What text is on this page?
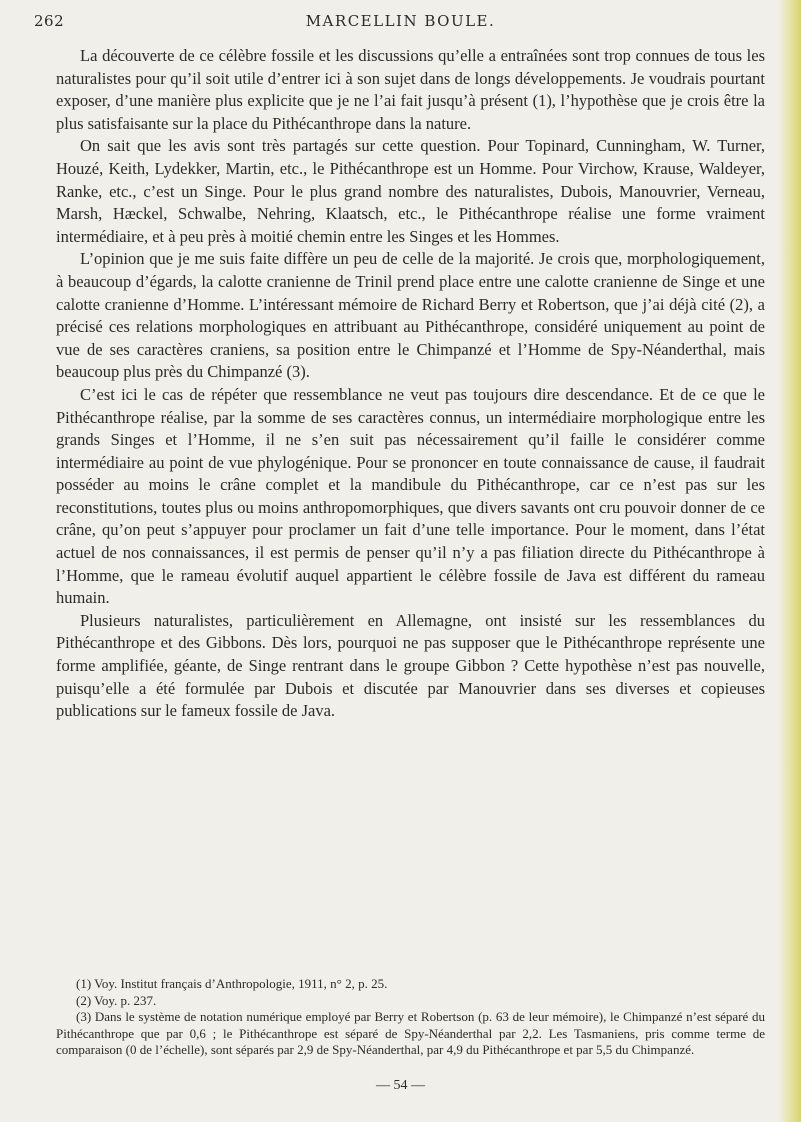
262	MARCELLIN BOULE.

La découverte de ce célèbre fossile et les discussions qu’elle a entraînées sont trop connues de tous les naturalistes pour qu’il soit utile d’entrer ici à son sujet dans de longs développements. Je voudrais pourtant exposer, d’une manière plus explicite que je ne l’ai fait jusqu’à présent (1), l’hypothèse que je crois être la plus satisfaisante sur la place du Pithécanthrope dans la nature.

On sait que les avis sont très partagés sur cette question. Pour Topinard, Cunningham, W. Turner, Houzé, Keith, Lydekker, Martin, etc., le Pithécanthrope est un Homme. Pour Virchow, Krause, Waldeyer, Ranke, etc., c’est un Singe. Pour le plus grand nombre des naturalistes, Dubois, Manouvrier, Verneau, Marsh, Hæckel, Schwalbe, Nehring, Klaatsch, etc., le Pithécanthrope réalise une forme vraiment intermédiaire, et à peu près à moitié chemin entre les Singes et les Hommes.

L’opinion que je me suis faite diffère un peu de celle de la majorité. Je crois que, morphologiquement, à beaucoup d’égards, la calotte cranienne de Trinil prend place entre une calotte cranienne de Singe et une calotte cranienne d’Homme. L’intéressant mémoire de Richard Berry et Robertson, que j’ai déjà cité (2), a précisé ces relations morphologiques en attribuant au Pithécanthrope, considéré uniquement au point de vue de ses caractères craniens, sa position entre le Chimpanzé et l’Homme de Spy-Néanderthal, mais beaucoup plus près du Chimpanzé (3).

C’est ici le cas de répéter que ressemblance ne veut pas toujours dire descendance. Et de ce que le Pithécanthrope réalise, par la somme de ses caractères connus, un intermédiaire morphologique entre les grands Singes et l’Homme, il ne s’en suit pas nécessairement qu’il faille le considérer comme intermédiaire au point de vue phylogénique. Pour se prononcer en toute connaissance de cause, il faudrait posséder au moins le crâne complet et la mandibule du Pithécanthrope, car ce n’est pas sur les reconstitutions, toutes plus ou moins anthropomorphiques, que divers savants ont cru pouvoir donner de ce crâne, qu’on peut s’appuyer pour proclamer un fait d’une telle importance. Pour le moment, dans l’état actuel de nos connaissances, il est permis de penser qu’il n’y a pas filiation directe du Pithécanthrope à l’Homme, que le rameau évolutif auquel appartient le célèbre fossile de Java est différent du rameau humain.

Plusieurs naturalistes, particulièrement en Allemagne, ont insisté sur les ressemblances du Pithécanthrope et des Gibbons. Dès lors, pourquoi ne pas supposer que le Pithécanthrope représente une forme amplifiée, géante, de Singe rentrant dans le groupe Gibbon ? Cette hypothèse n’est pas nouvelle, puisqu’elle a été formulée par Dubois et discutée par Manouvrier dans ses diverses et copieuses publications sur le fameux fossile de Java.

(1) Voy. Institut français d’Anthropologie, 1911, n° 2, p. 25.

(2) Voy. p. 237.

(3) Dans le système de notation numérique employé par Berry et Robertson (p. 63 de leur mémoire), le Chimpanzé n’est séparé du Pithécanthrope que par 0,6 ; le Pithécanthrope est séparé de Spy-Néanderthal par 2,2. Les Tasmaniens, pris comme terme de comparaison (0 de l’échelle), sont séparés par 2,9 de Spy-Néanderthal, par 4,9 du Pithécanthrope et par 5,5 du Chimpanzé.

— 54 —
